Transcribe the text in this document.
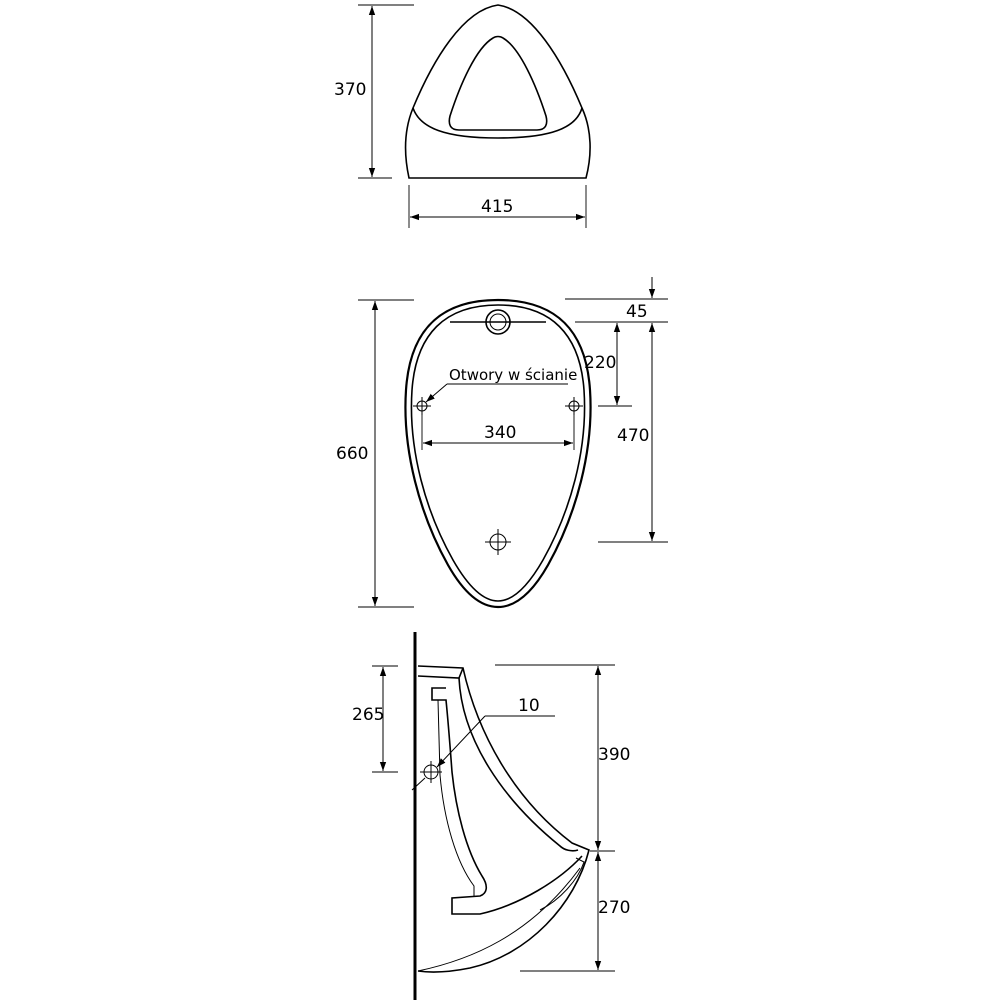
370
415
Otwory w ścianie
340
660
45
220
470
10
265
390
270
